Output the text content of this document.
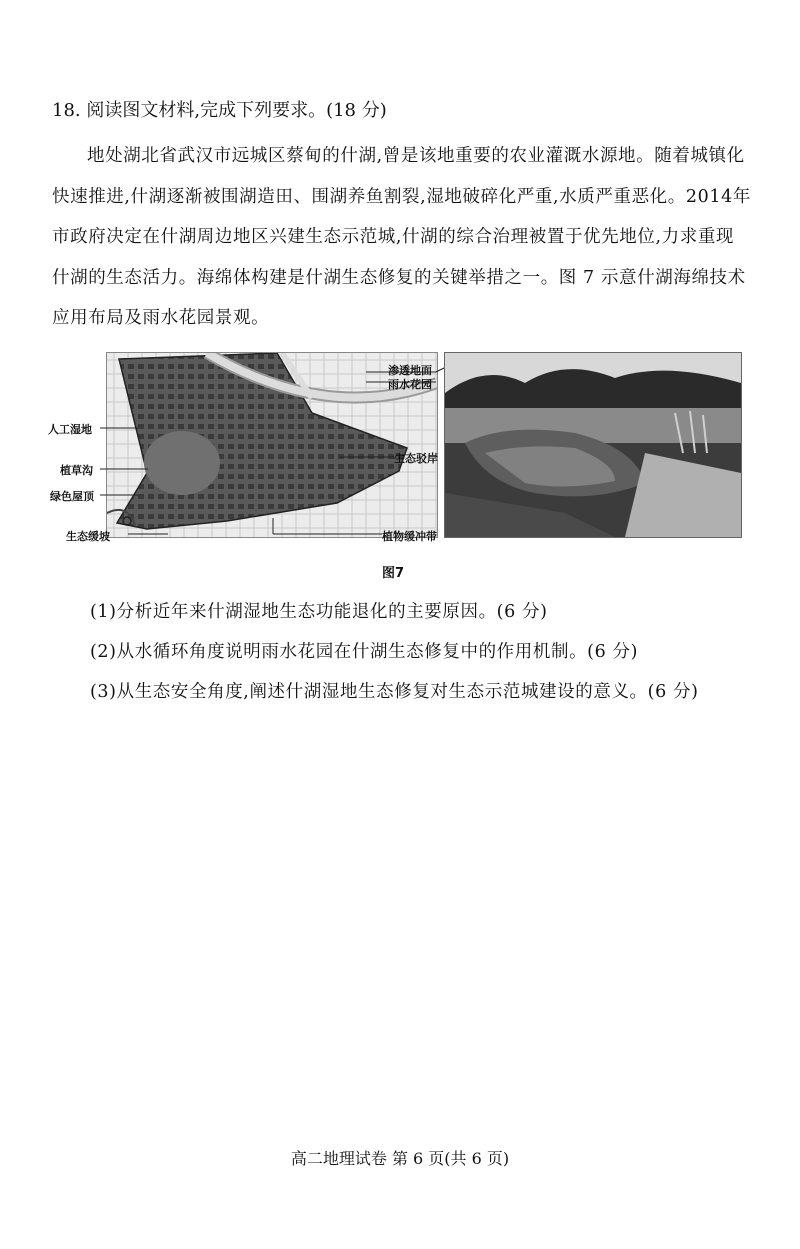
18. 阅读图文材料,完成下列要求。(18 分)
地处湖北省武汉市远城区蔡甸的什湖,曾是该地重要的农业灌溉水源地。随着城镇化快速推进,什湖逐渐被围湖造田、围湖养鱼割裂,湿地破碎化严重,水质严重恶化。2014年市政府决定在什湖周边地区兴建生态示范城,什湖的综合治理被置于优先地位,力求重现什湖的生态活力。海绵体构建是什湖生态修复的关键举措之一。图 7 示意什湖海绵技术应用布局及雨水花园景观。
渗透地面
雨水花园
人工湿地
植草沟
绿色屋顶
生态驳岸
生态缓坡	植物缓冲带
图7
(1)分析近年来什湖湿地生态功能退化的主要原因。(6 分)
(2)从水循环角度说明雨水花园在什湖生态修复中的作用机制。(6 分)
(3)从生态安全角度,阐述什湖湿地生态修复对生态示范城建设的意义。(6 分)
高二地理试卷 第 6 页(共 6 页)
